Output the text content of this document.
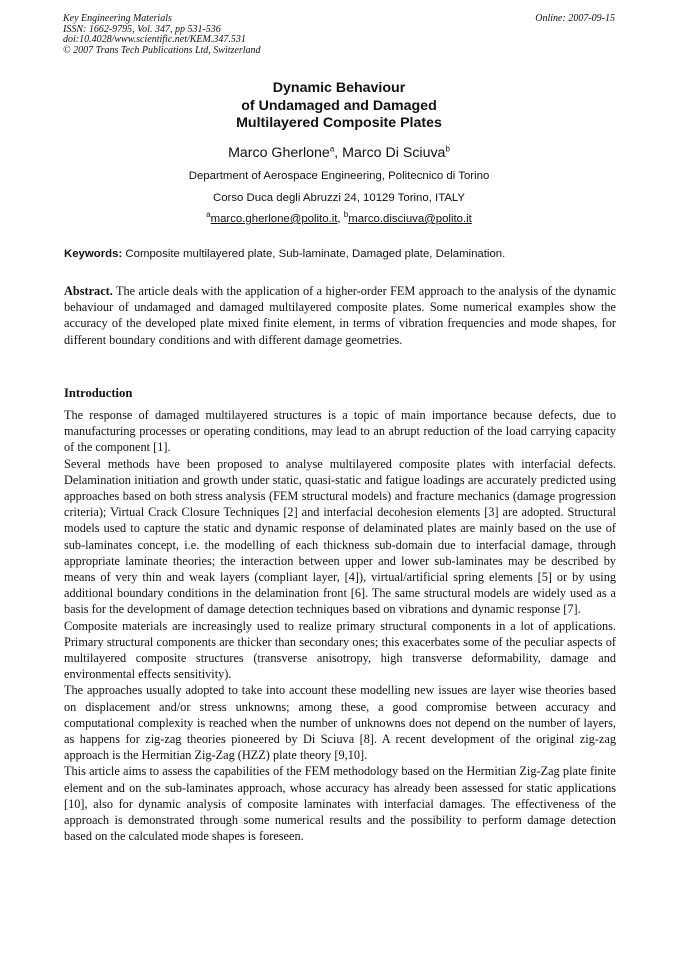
Key Engineering Materials
ISSN: 1662-9795, Vol. 347, pp 531-536
doi:10.4028/www.scientific.net/KEM.347.531
© 2007 Trans Tech Publications Ltd, Switzerland
Online: 2007-09-15
Dynamic Behaviour
of Undamaged and Damaged
Multilayered Composite Plates
Marco Gherlone$^a$, Marco Di Sciuva$^b$
Department of Aerospace Engineering, Politecnico di Torino
Corso Duca degli Abruzzi 24, 10129 Torino, ITALY
$^a$marco.gherlone@polito.it, $^b$marco.disciuva@polito.it
Keywords: Composite multilayered plate, Sub-laminate, Damaged plate, Delamination.
Abstract. The article deals with the application of a higher-order FEM approach to the analysis of the dynamic behaviour of undamaged and damaged multilayered composite plates. Some numerical examples show the accuracy of the developed plate mixed finite element, in terms of vibration frequencies and mode shapes, for different boundary conditions and with different damage geometries.
Introduction

The response of damaged multilayered structures is a topic of main importance because defects, due to manufacturing processes or operating conditions, may lead to an abrupt reduction of the load carrying capacity of the component [1].

Several methods have been proposed to analyse multilayered composite plates with interfacial defects. Delamination initiation and growth under static, quasi-static and fatigue loadings are accurately predicted using approaches based on both stress analysis (FEM structural models) and fracture mechanics (damage progression criteria); Virtual Crack Closure Techniques [2] and interfacial decohesion elements [3] are adopted. Structural models used to capture the static and dynamic response of delaminated plates are mainly based on the use of sub-laminates concept, i.e. the modelling of each thickness sub-domain due to interfacial damage, through appropriate laminate theories; the interaction between upper and lower sub-laminates may be described by means of very thin and weak layers (compliant layer, [4]), virtual/artificial spring elements [5] or by using additional boundary conditions in the delamination front [6]. The same structural models are widely used as a basis for the development of damage detection techniques based on vibrations and dynamic response [7].

Composite materials are increasingly used to realize primary structural components in a lot of applications. Primary structural components are thicker than secondary ones; this exacerbates some of the peculiar aspects of multilayered composite structures (transverse anisotropy, high transverse deformability, damage and environmental effects sensitivity).

The approaches usually adopted to take into account these modelling new issues are layer wise theories based on displacement and/or stress unknowns; among these, a good compromise between accuracy and computational complexity is reached when the number of unknowns does not depend on the number of layers, as happens for zig-zag theories pioneered by Di Sciuva [8]. A recent development of the original zig-zag approach is the Hermitian Zig-Zag (HZZ) plate theory [9,10].

This article aims to assess the capabilities of the FEM methodology based on the Hermitian Zig-Zag plate finite element and on the sub-laminates approach, whose accuracy has already been assessed for static applications [10], also for dynamic analysis of composite laminates with interfacial damages. The effectiveness of the approach is demonstrated through some numerical results and the possibility to perform damage detection based on the calculated mode shapes is foreseen.
